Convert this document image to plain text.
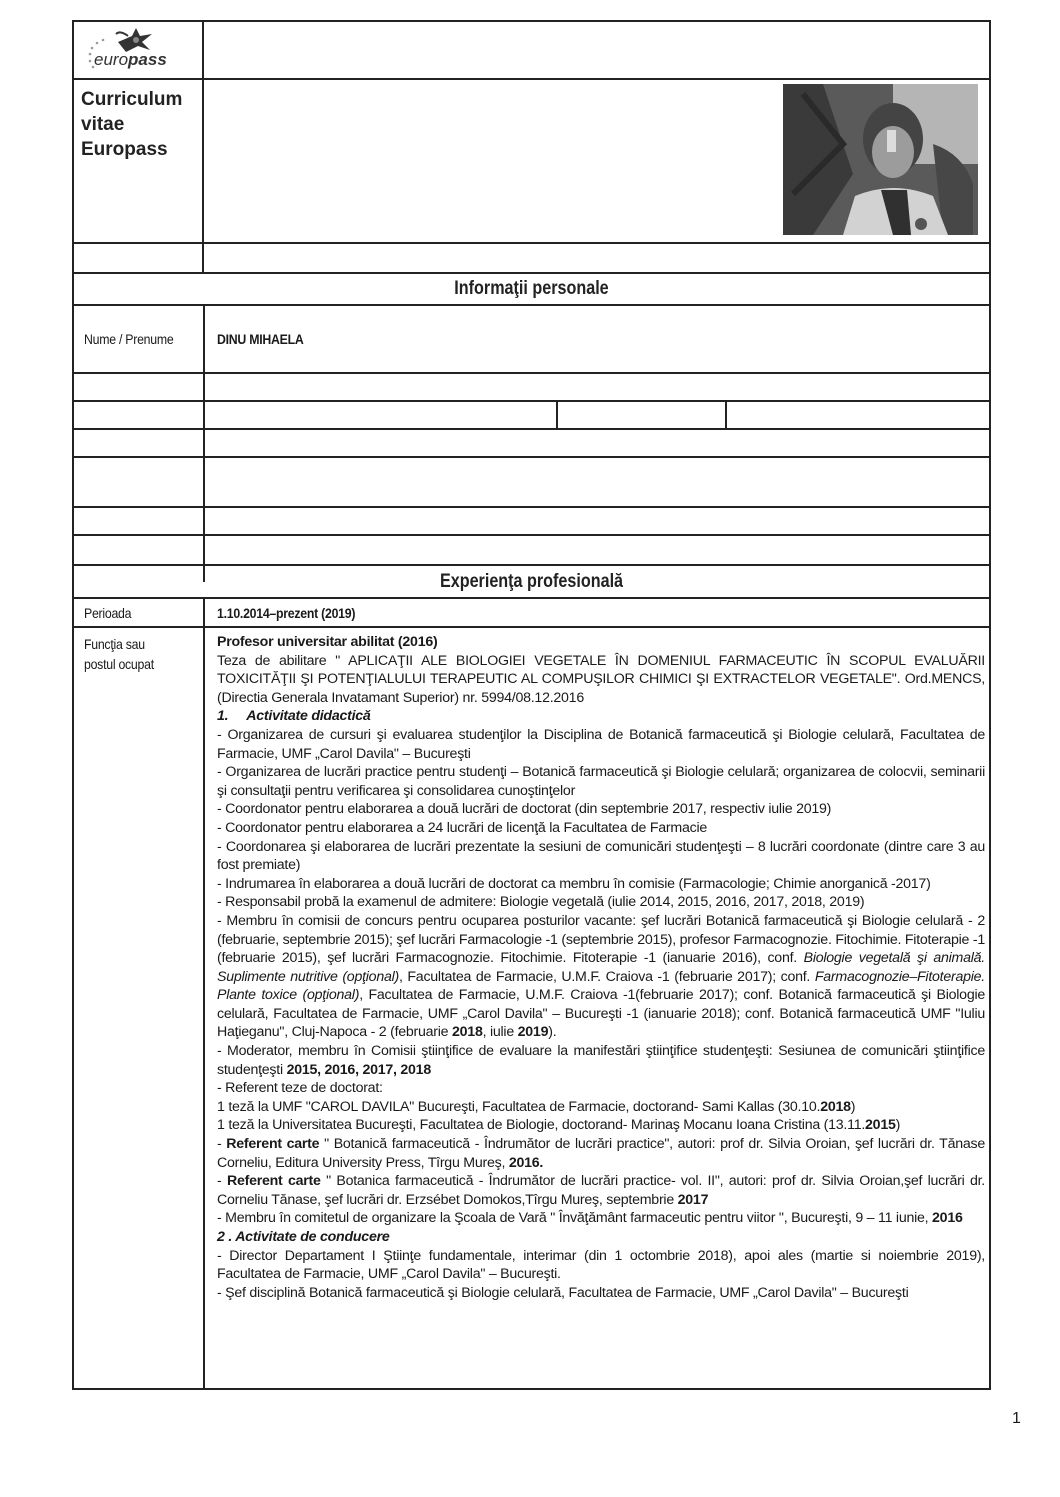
europass
Curriculum
vitae
Europass
Informaţii personale
Nume / Prenume	DINU MIHAELA
Experienţa profesională
Perioada	1.10.2014–prezent (2019)
Funcţia sau
postul ocupat

Profesor universitar abilitat (2016)

Teza de abilitare " APLICAŢII ALE BIOLOGIEI VEGETALE ÎN DOMENIUL FARMACEUTIC ÎN SCOPUL EVALUĂRII TOXICITĂŢII ŞI POTENŢIALULUI TERAPEUTIC AL COMPUŞILOR CHIMICI ŞI EXTRACTELOR VEGETALE". Ord.MENCS, (Directia Generala Invatamant Superior) nr. 5994/08.12.2016

1.     Activitate didactică

- Organizarea de cursuri şi evaluarea studenţilor la Disciplina de Botanică farmaceutică şi Biologie celulară, Facultatea de Farmacie, UMF „Carol Davila" – Bucureşti

- Organizarea de lucrări practice pentru studenţi – Botanică farmaceutică şi Biologie celulară; organizarea de colocvii, seminarii şi consultaţii pentru verificarea şi consolidarea cunoştinţelor

- Coordonator pentru elaborarea a două lucrări de doctorat (din septembrie 2017, respectiv iulie 2019)

- Coordonator pentru elaborarea a 24 lucrări de licenţă la Facultatea de Farmacie

- Coordonarea şi elaborarea de lucrări prezentate la sesiuni de comunicări studenţeşti – 8 lucrări coordonate (dintre care 3 au fost premiate)

- Indrumarea în elaborarea a două lucrări de doctorat ca membru în comisie (Farmacologie; Chimie anorganică -2017)

- Responsabil probă la examenul de admitere: Biologie vegetală (iulie 2014, 2015, 2016, 2017, 2018, 2019)

- Membru în comisii de concurs pentru ocuparea posturilor vacante: şef lucrări Botanică farmaceutică şi Biologie celulară - 2 (februarie, septembrie 2015); şef lucrări Farmacologie -1 (septembrie 2015), profesor Farmacognozie. Fitochimie. Fitoterapie -1 (februarie 2015), şef lucrări Farmacognozie. Fitochimie. Fitoterapie -1 (ianuarie 2016), conf. Biologie vegetală şi animală. Suplimente nutritive (opţional), Facultatea de Farmacie, U.M.F. Craiova -1 (februarie 2017); conf. Farmacognozie–Fitoterapie. Plante toxice (opţional), Facultatea de Farmacie, U.M.F. Craiova -1(februarie 2017); conf. Botanică farmaceutică şi Biologie celulară, Facultatea de Farmacie, UMF „Carol Davila" – Bucureşti -1 (ianuarie 2018); conf. Botanică farmaceutică UMF "Iuliu Haţieganu", Cluj-Napoca - 2 (februarie 2018, iulie 2019).

- Moderator, membru în Comisii ştiinţifice de evaluare la manifestări ştiinţifice studenţeşti: Sesiunea de comunicări ştiinţifice studenţeşti 2015, 2016, 2017, 2018

- Referent teze de doctorat:

1 teză la UMF "CAROL DAVILA" Bucureşti, Facultatea de Farmacie, doctorand- Sami Kallas (30.10.2018)

1 teză la Universitatea Bucureşti, Facultatea de Biologie, doctorand- Marinaş Mocanu Ioana Cristina (13.11.2015)

- Referent carte " Botanică farmaceutică - Îndrumător de lucrări practice", autori: prof dr. Silvia Oroian, şef lucrări dr. Tănase Corneliu, Editura University Press, Tîrgu Mureş, 2016.

- Referent carte " Botanica farmaceutică - Îndrumător de lucrări practice- vol. II", autori: prof dr. Silvia Oroian,şef lucrări dr. Corneliu Tănase, şef lucrări dr. Erzsébet Domokos,Tîrgu Mureş, septembrie 2017

- Membru în comitetul de organizare la Şcoala de Vară " Învăţământ farmaceutic pentru viitor ", Bucureşti, 9 – 11 iunie, 2016

2 . Activitate de conducere

- Director Departament I Ştiinţe fundamentale, interimar (din 1 octombrie 2018), apoi ales (martie si noiembrie 2019), Facultatea de Farmacie, UMF „Carol Davila" – Bucureşti.

- Şef disciplină Botanică farmaceutică şi Biologie celulară, Facultatea de Farmacie, UMF „Carol Davila" – Bucureşti

1
